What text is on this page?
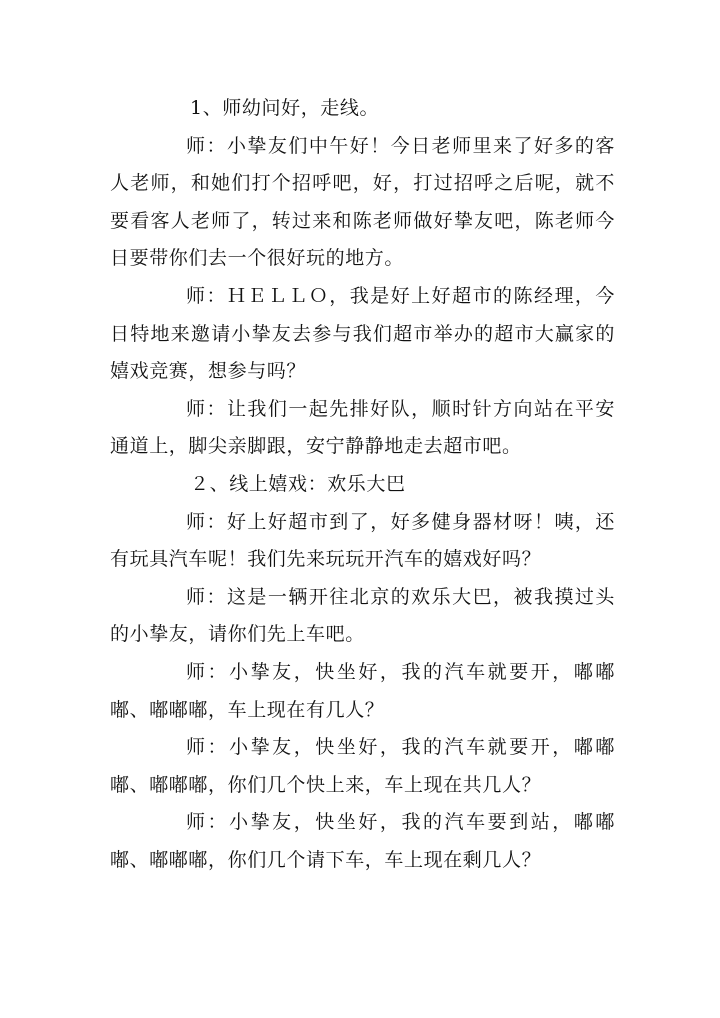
1、师幼问好，走线。

师：小挚友们中午好！今日老师里来了好多的客人老师，和她们打个招呼吧，好，打过招呼之后呢，就不要看客人老师了，转过来和陈老师做好挚友吧，陈老师今日要带你们去一个很好玩的地方。

师：ＨＥＬＬＯ，我是好上好超市的陈经理，今日特地来邀请小挚友去参与我们超市举办的超市大赢家的嬉戏竞赛，想参与吗？

师：让我们一起先排好队，顺时针方向站在平安通道上，脚尖亲脚跟，安宁静静地走去超市吧。

２、线上嬉戏：欢乐大巴

师：好上好超市到了，好多健身器材呀！咦，还有玩具汽车呢！我们先来玩玩开汽车的嬉戏好吗？

师：这是一辆开往北京的欢乐大巴，被我摸过头的小挚友，请你们先上车吧。

师：小挚友，快坐好，我的汽车就要开，嘟嘟嘟、嘟嘟嘟，车上现在有几人？

师：小挚友，快坐好，我的汽车就要开，嘟嘟嘟、嘟嘟嘟，你们几个快上来，车上现在共几人？

师：小挚友，快坐好，我的汽车要到站，嘟嘟嘟、嘟嘟嘟，你们几个请下车，车上现在剩几人？
